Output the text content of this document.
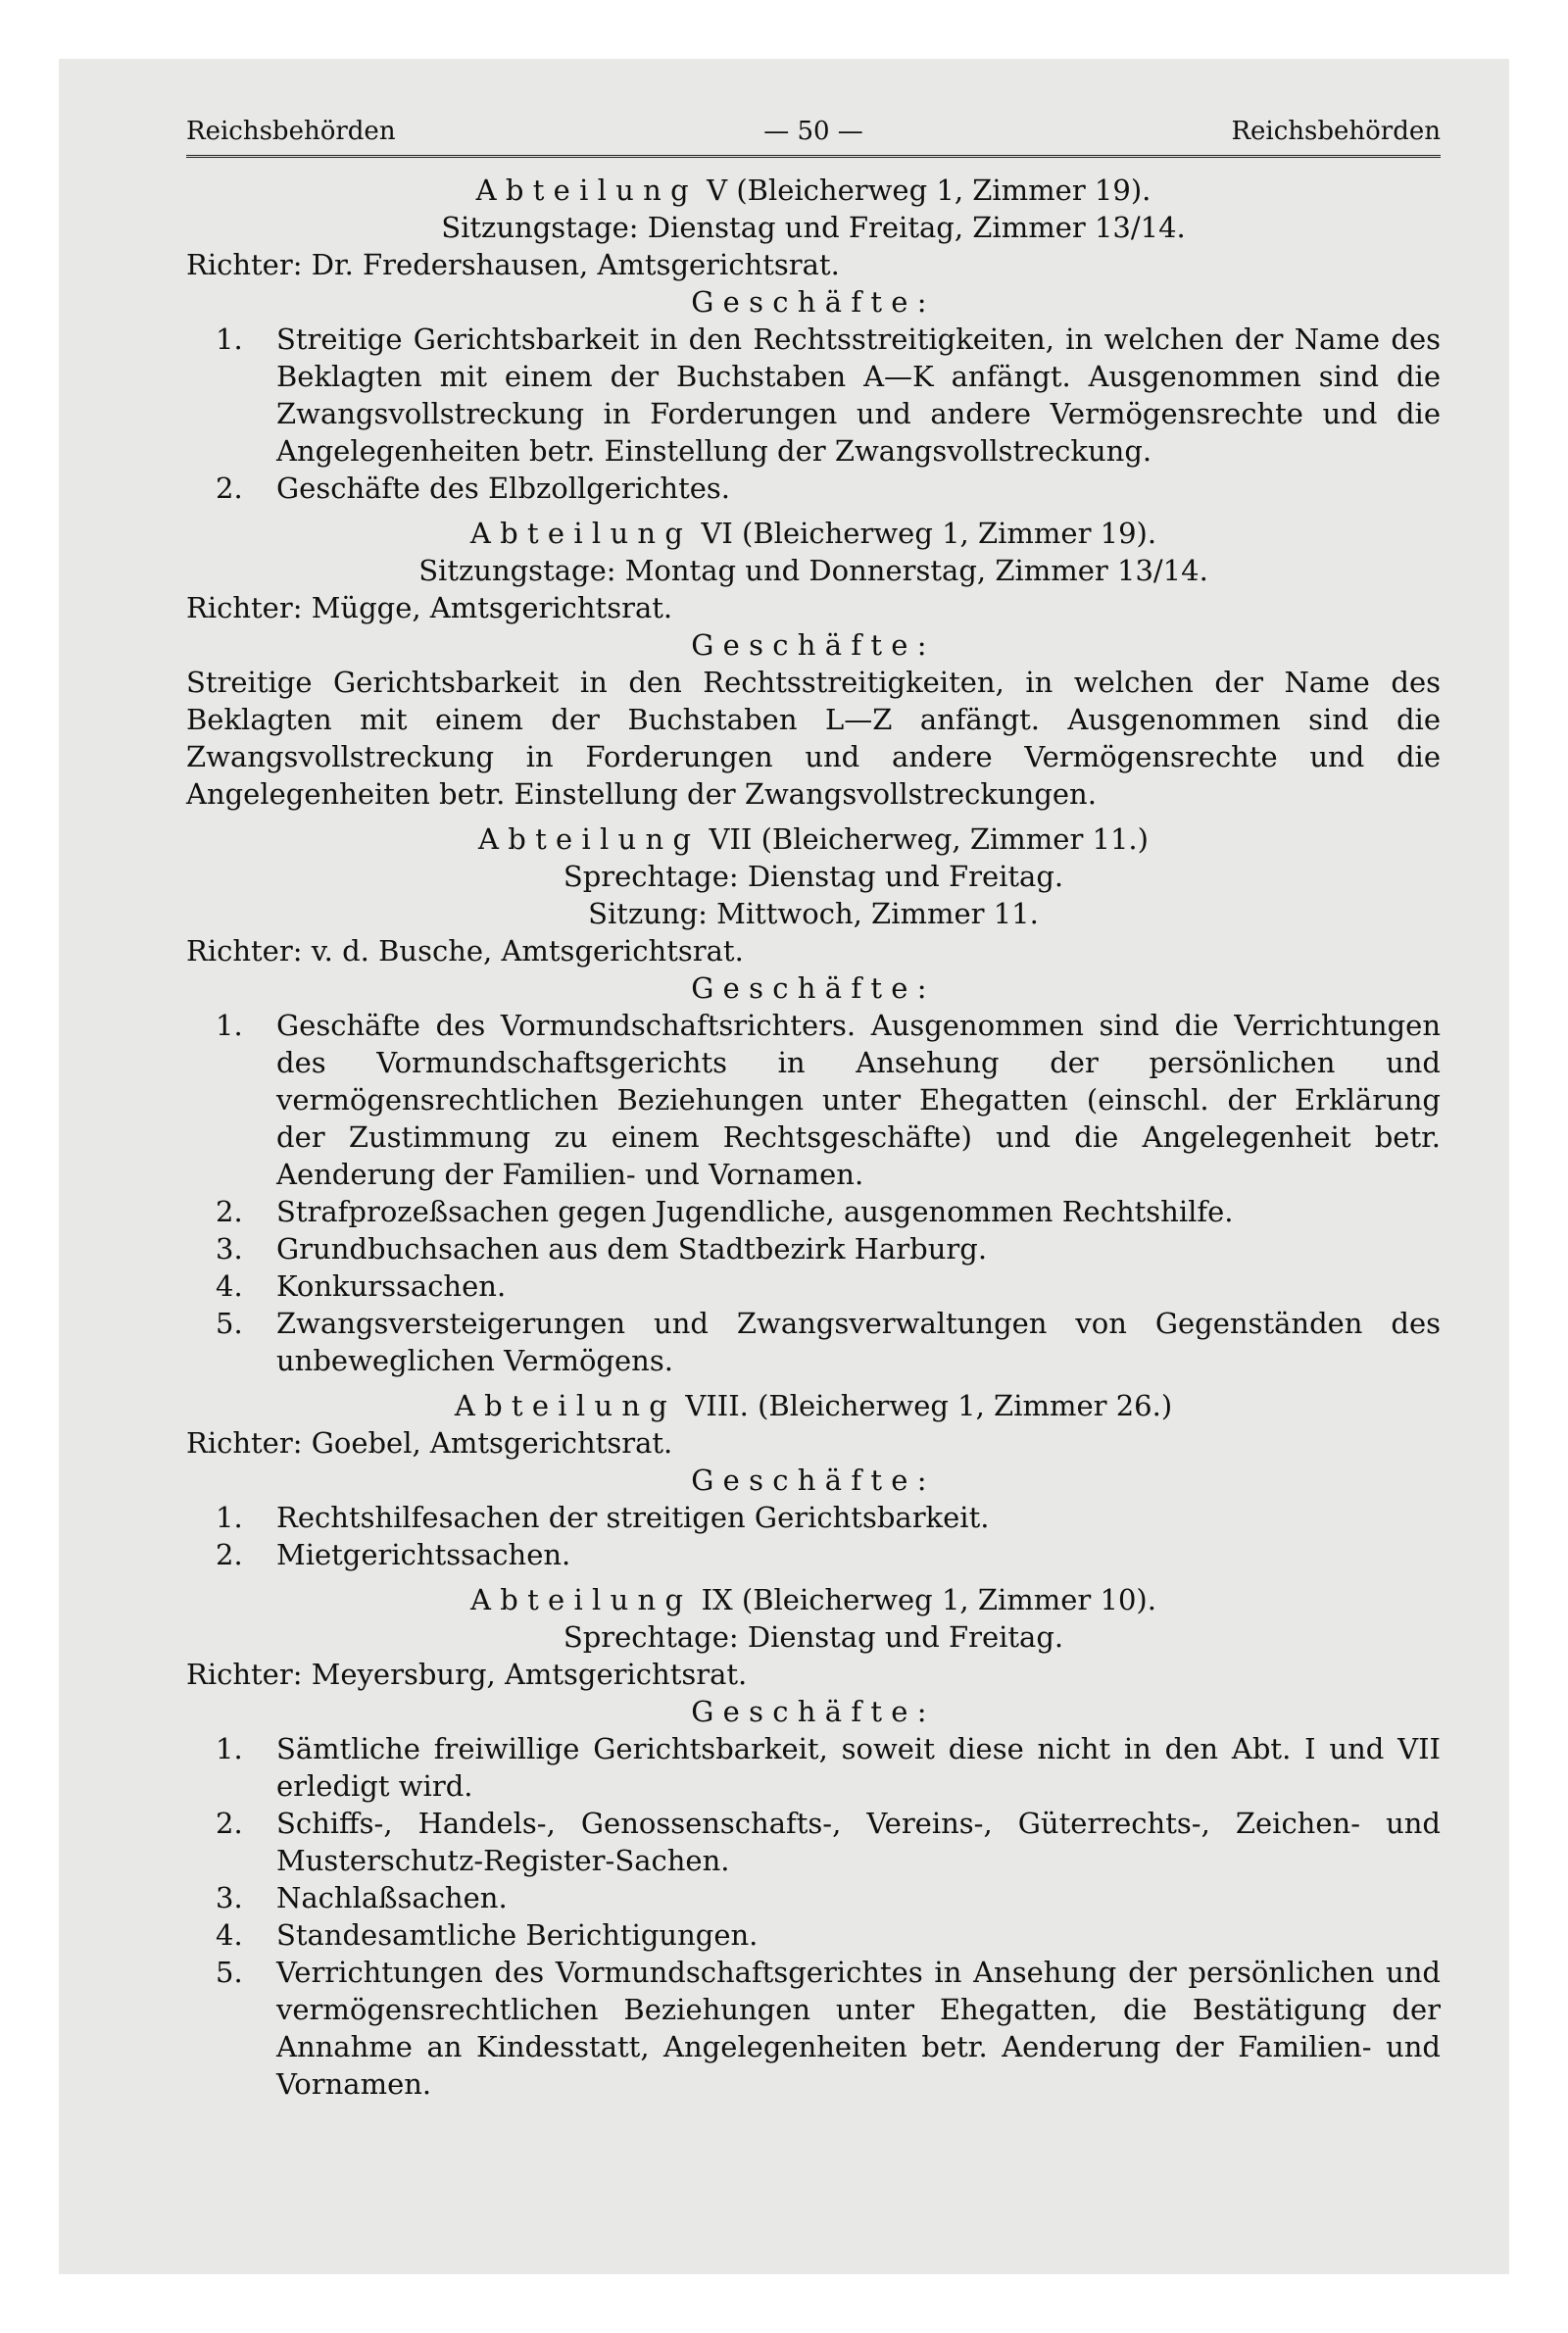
Reichsbehörden	— 50 —	Reichsbehörden
Abteilung V (Bleicherweg 1, Zimmer 19).
Sitzungstage: Dienstag und Freitag, Zimmer 13/14.
Richter: Dr. Fredershausen, Amtsgerichtsrat.
Geschäfte:
1. Streitige Gerichtsbarkeit in den Rechtsstreitigkeiten, in welchen der Name des Beklagten mit einem der Buchstaben A—K anfängt. Ausgenommen sind die Zwangsvollstreckung in Forderungen und andere Vermögensrechte und die Angelegenheiten betr. Einstellung der Zwangsvollstreckung.
2. Geschäfte des Elbzollgerichtes.
Abteilung VI (Bleicherweg 1, Zimmer 19).
Sitzungstage: Montag und Donnerstag, Zimmer 13/14.
Richter: Mügge, Amtsgerichtsrat.
Geschäfte:
Streitige Gerichtsbarkeit in den Rechtsstreitigkeiten, in welchen der Name des Beklagten mit einem der Buchstaben L—Z anfängt. Ausgenommen sind die Zwangsvollstreckung in Forderungen und andere Vermögensrechte und die Angelegenheiten betr. Einstellung der Zwangsvollstreckungen.
Abteilung VII (Bleicherweg, Zimmer 11.)
Sprechtage: Dienstag und Freitag.
Sitzung: Mittwoch, Zimmer 11.
Richter: v. d. Busche, Amtsgerichtsrat.
Geschäfte:
1. Geschäfte des Vormundschaftsrichters. Ausgenommen sind die Verrichtungen des Vormundschaftsgerichts in Ansehung der persönlichen und vermögensrechtlichen Beziehungen unter Ehegatten (einschl. der Erklärung der Zustimmung zu einem Rechtsgeschäfte) und die Angelegenheit betr. Aenderung der Familien- und Vornamen.
2. Strafprozeßsachen gegen Jugendliche, ausgenommen Rechtshilfe.
3. Grundbuchsachen aus dem Stadtbezirk Harburg.
4. Konkurssachen.
5. Zwangsversteigerungen und Zwangsverwaltungen von Gegenständen des unbeweglichen Vermögens.
Abteilung VIII. (Bleicherweg 1, Zimmer 26.)
Richter: Goebel, Amtsgerichtsrat.
Geschäfte:
1. Rechtshilfesachen der streitigen Gerichtsbarkeit.
2. Mietgerichtssachen.
Abteilung IX (Bleicherweg 1, Zimmer 10).
Sprechtage: Dienstag und Freitag.
Richter: Meyersburg, Amtsgerichtsrat.
Geschäfte:
1. Sämtliche freiwillige Gerichtsbarkeit, soweit diese nicht in den Abt. I und VII erledigt wird.
2. Schiffs-, Handels-, Genossenschafts-, Vereins-, Güterrechts-, Zeichen- und Musterschutz-Register-Sachen.
3. Nachlaßsachen.
4. Standesamtliche Berichtigungen.
5. Verrichtungen des Vormundschaftsgerichtes in Ansehung der persönlichen und vermögensrechtlichen Beziehungen unter Ehegatten, die Bestätigung der Annahme an Kindesstatt, Angelegenheiten betr. Aenderung der Familien- und Vornamen.
